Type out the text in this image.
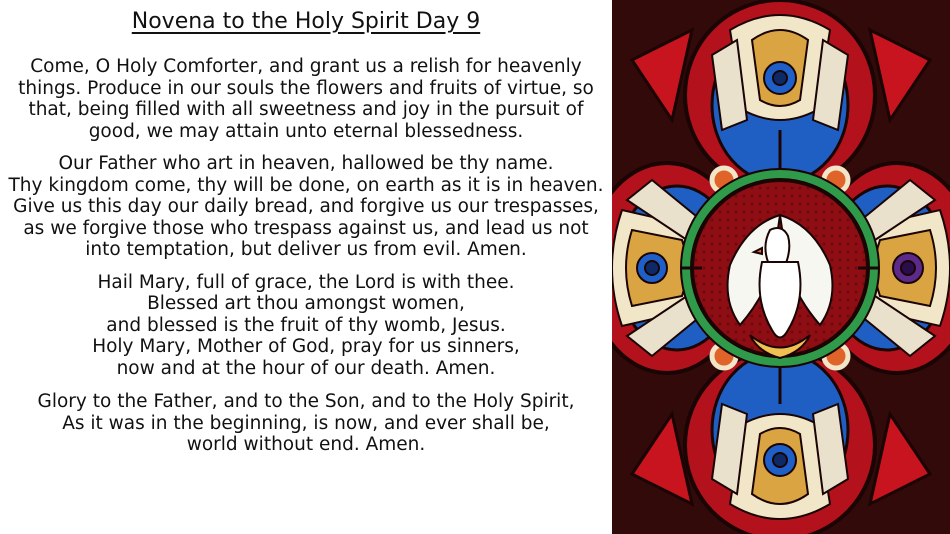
Novena to the Holy Spirit Day 9

Come, O Holy Comforter, and grant us a relish for heavenly
things. Produce in our souls the flowers and fruits of virtue, so
that, being filled with all sweetness and joy in the pursuit of
good, we may attain unto eternal blessedness.

Our Father who art in heaven, hallowed be thy name.
Thy kingdom come, thy will be done, on earth as it is in heaven.
Give us this day our daily bread, and forgive us our trespasses,
as we forgive those who trespass against us, and lead us not
into temptation, but deliver us from evil. Amen.

Hail Mary, full of grace, the Lord is with thee.
Blessed art thou amongst women,
and blessed is the fruit of thy womb, Jesus.
Holy Mary, Mother of God, pray for us sinners,
now and at the hour of our death. Amen.

Glory to the Father, and to the Son, and to the Holy Spirit,
As it was in the beginning, is now, and ever shall be,
world without end. Amen.
